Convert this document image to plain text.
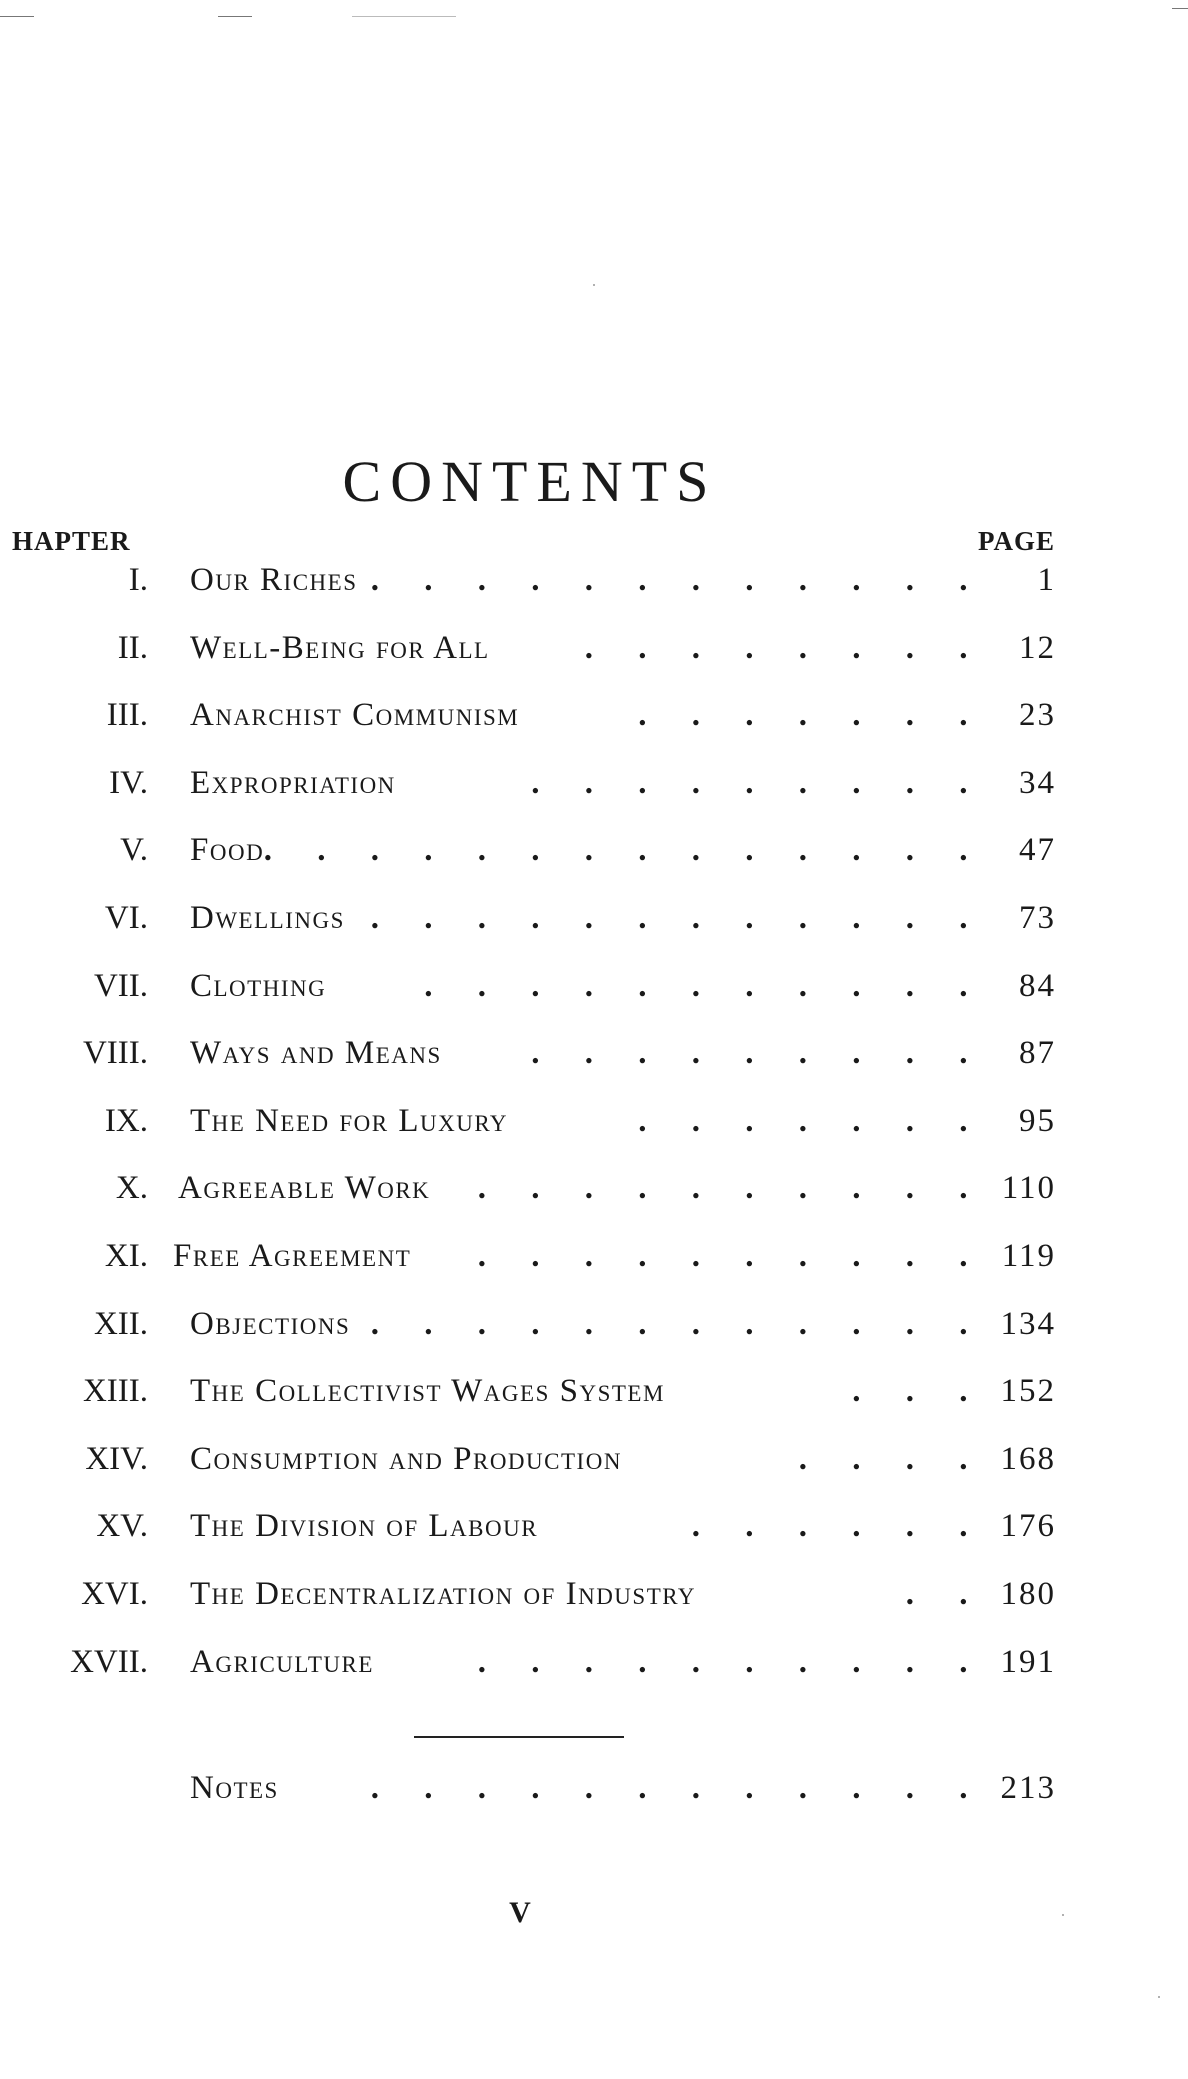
CONTENTS
HAPTER	PAGE
I. Our Riches . . . . . . . . . . . . 1
II. Well-Being for All	. . . . . . . . 12
III. Anarchist Communism	. . . . . . . 23
IV. Expropriation	. . . . . . . . . 34
V. Food . . . . . . . . . . . . . . 47
VI. Dwellings . . . . . . . . . . . . 73
VII. Clothing	. . . . . . . . . . . 84
VIII. Ways and Means	. . . . . . . . . 87
IX. The Need for Luxury	. . . . . . . 95
X. Agreeable Work . . . . . . . . . . 110
XI. Free Agreement . . . . . . . . . . 119
XII. Objections . . . . . . . . . . . . 134
XIII. The Collectivist Wages System	. . . 152
XIV. Consumption and Production	. . . . 168
XV. The Division of Labour	. . . . . . 176
XVI. The Decentralization of Industry	. . 180
XVII. Agriculture	. . . . . . . . . . 191
Notes	. . . . . . . . . . . . 213
V
